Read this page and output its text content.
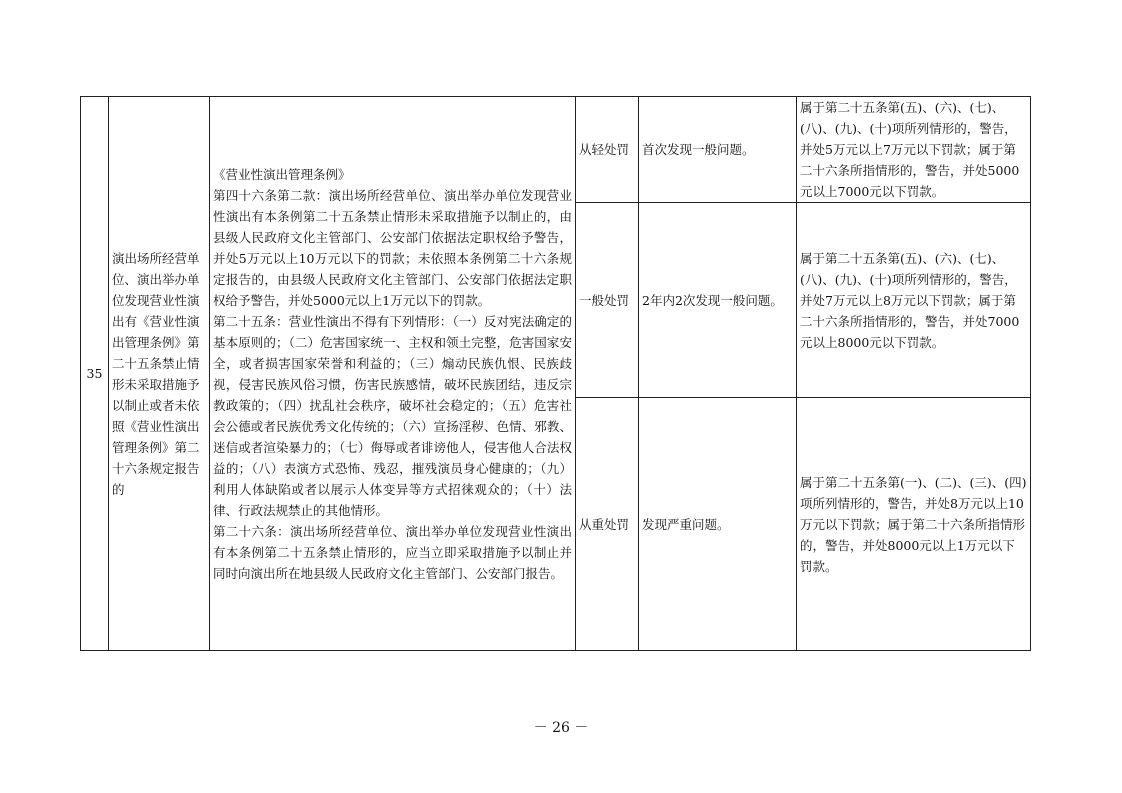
35	演出场所经营单位、演出举办单位发现营业性演出有《营业性演出管理条例》第二十五条禁止情形未采取措施予以制止或者未依照《营业性演出管理条例》第二十六条规定报告的	《营业性演出管理条例》

第四十六条第二款：演出场所经营单位、演出举办单位发现营业性演出有本条例第二十五条禁止情形未采取措施予以制止的，由县级人民政府文化主管部门、公安部门依据法定职权给予警告，并处5万元以上10万元以下的罚款；未依照本条例第二十六条规定报告的，由县级人民政府文化主管部门、公安部门依据法定职权给予警告，并处5000元以上1万元以下的罚款。

第二十五条：营业性演出不得有下列情形：（一）反对宪法确定的基本原则的；（二）危害国家统一、主权和领土完整，危害国家安全，或者损害国家荣誉和利益的；（三）煽动民族仇恨、民族歧视，侵害民族风俗习惯，伤害民族感情，破坏民族团结，违反宗教政策的；（四）扰乱社会秩序，破坏社会稳定的；（五）危害社会公德或者民族优秀文化传统的；（六）宣扬淫秽、色情、邪教、迷信或者渲染暴力的；（七）侮辱或者诽谤他人，侵害他人合法权益的；（八）表演方式恐怖、残忍，摧残演员身心健康的；（九）利用人体缺陷或者以展示人体变异等方式招徕观众的；（十）法律、行政法规禁止的其他情形。

第二十六条：演出场所经营单位、演出举办单位发现营业性演出有本条例第二十五条禁止情形的，应当立即采取措施予以制止并同时向演出所在地县级人民政府文化主管部门、公安部门报告。	从轻处罚	首次发现一般问题。	属于第二十五条第(五)、(六)、(七)、(八)、(九)、(十)项所列情形的，警告，并处5万元以上7万元以下罚款；属于第二十六条所指情形的，警告，并处5000元以上7000元以下罚款。
			一般处罚	2年内2次发现一般问题。	属于第二十五条第(五)、(六)、(七)、(八)、(九)、(十)项所列情形的，警告，并处7万元以上8万元以下罚款；属于第二十六条所指情形的，警告，并处7000元以上8000元以下罚款。
			从重处罚	发现严重问题。	属于第二十五条第(一)、(二)、(三)、(四)项所列情形的，警告，并处8万元以上10万元以下罚款；属于第二十六条所指情形的，警告，并处8000元以上1万元以下罚款。
－ 26 －
